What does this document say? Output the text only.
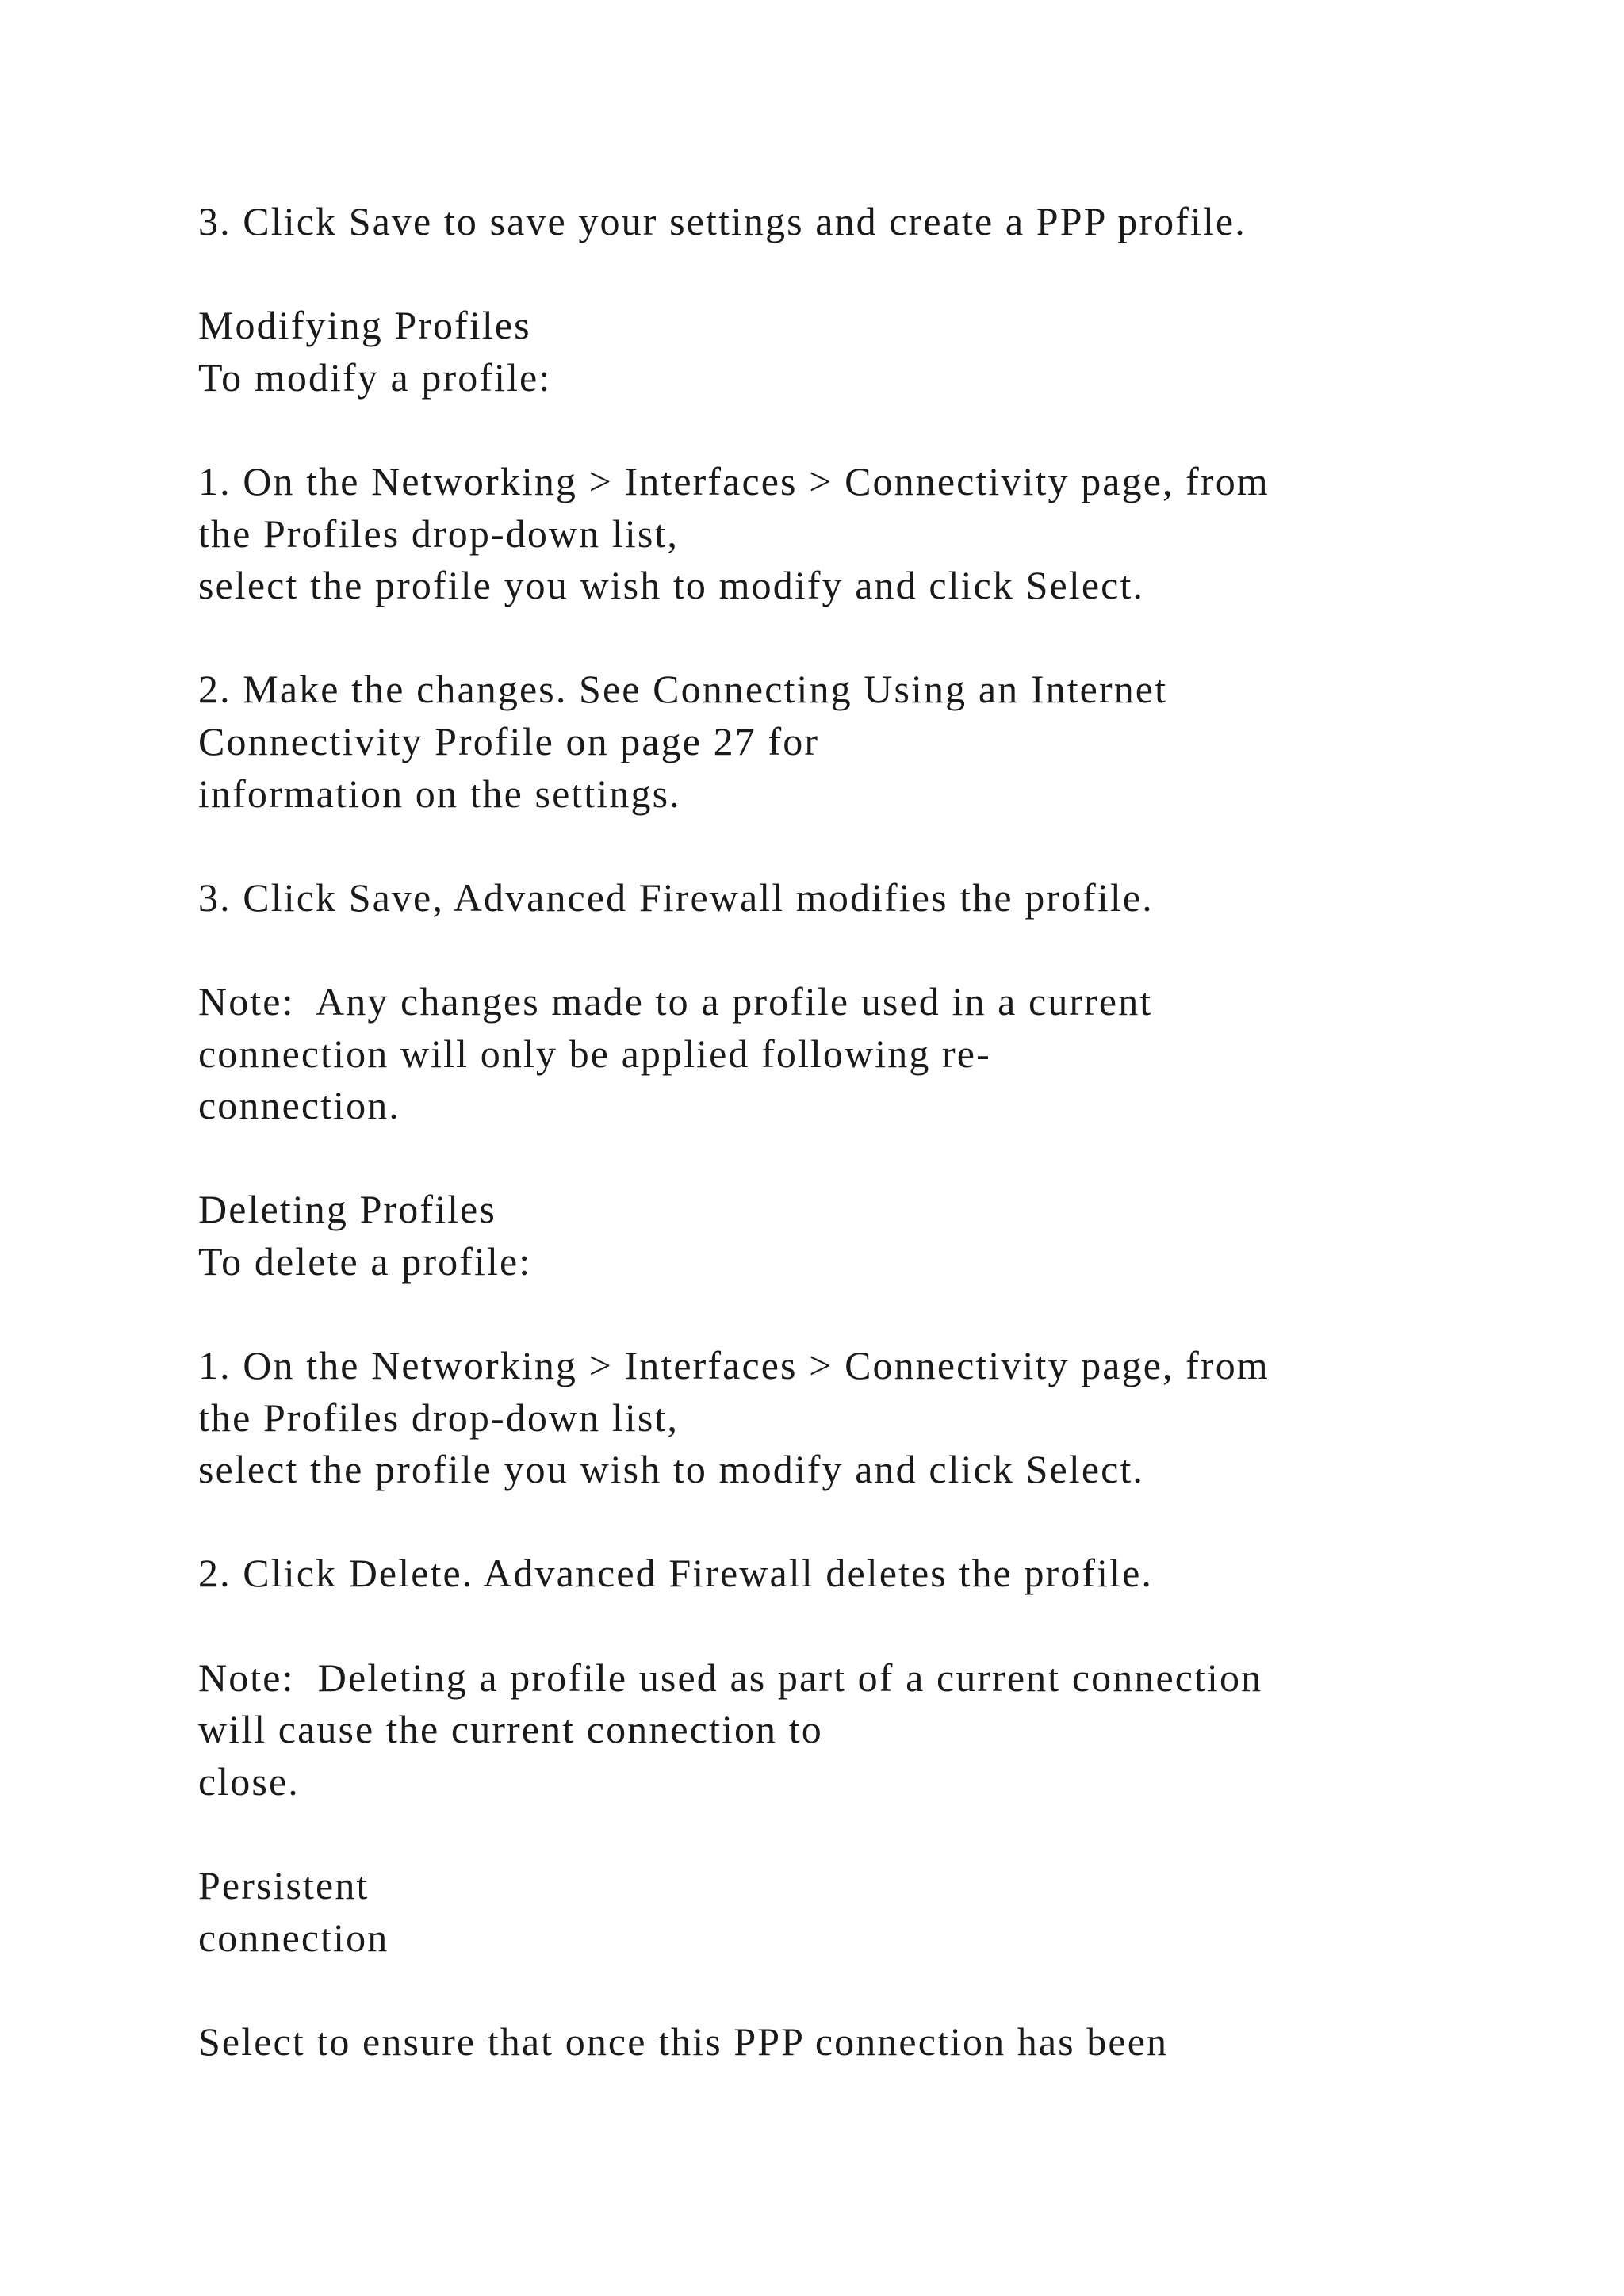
3. Click Save to save your settings and create a PPP profile.
Modifying Profiles
To modify a profile:
1. On the Networking > Interfaces > Connectivity page, from
the Profiles drop-down list,
select the profile you wish to modify and click Select.
2. Make the changes. See Connecting Using an Internet
Connectivity Profile on page 27 for
information on the settings.
3. Click Save, Advanced Firewall modifies the profile.
Note:  Any changes made to a profile used in a current
connection will only be applied following re-
connection.
Deleting Profiles
To delete a profile:
1. On the Networking > Interfaces > Connectivity page, from
the Profiles drop-down list,
select the profile you wish to modify and click Select.
2. Click Delete. Advanced Firewall deletes the profile.
Note:  Deleting a profile used as part of a current connection
will cause the current connection to
close.
Persistent
connection
Select to ensure that once this PPP connection has been
